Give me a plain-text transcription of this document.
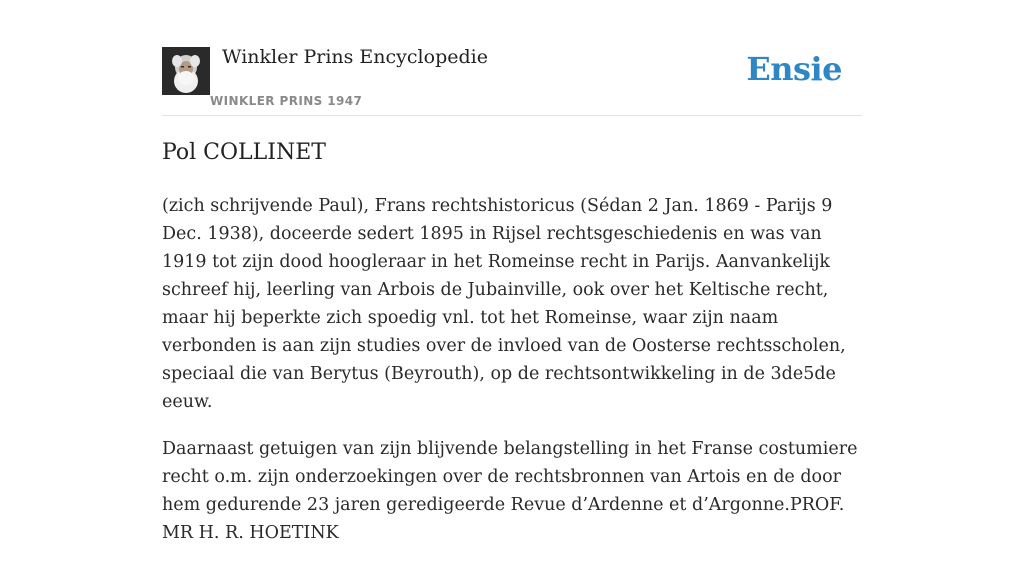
Winkler Prins Encyclopedie
WINKLER PRINS 1947
Ensie
Pol COLLINET

(zich schrijvende Paul), Frans rechtshistoricus (Sédan 2 Jan. 1869 - Parijs 9 Dec. 1938), doceerde sedert 1895 in Rijsel rechtsgeschiedenis en was van 1919 tot zijn dood hoogleraar in het Romeinse recht in Parijs. Aanvankelijk schreef hij, leerling van Arbois de Jubainville, ook over het Keltische recht, maar hij beperkte zich spoedig vnl. tot het Romeinse, waar zijn naam verbonden is aan zijn studies over de invloed van de Oosterse rechtsscholen, speciaal die van Berytus (Beyrouth), op de rechtsontwikkeling in de 3de5de eeuw.

Daarnaast getuigen van zijn blijvende belangstelling in het Franse costumiere recht o.m. zijn onderzoekingen over de rechtsbronnen van Artois en de door hem gedurende 23 jaren geredigeerde Revue d’Ardenne et d’Argonne.PROF. MR H. R. HOETINK
